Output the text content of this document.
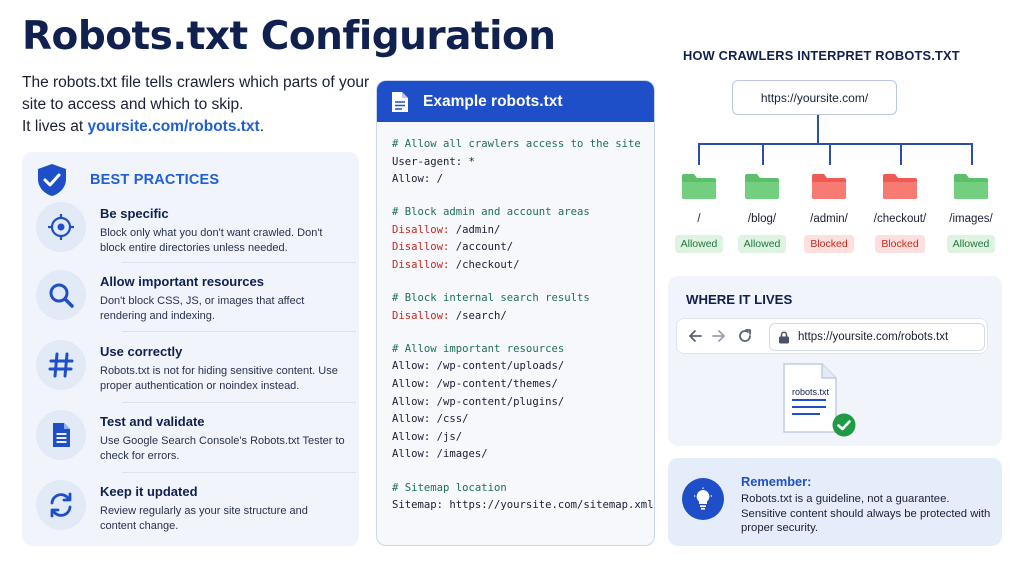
Robots.txt Configuration
The robots.txt file tells crawlers which parts of your site to access and which to skip.
It lives at yoursite.com/robots.txt.
BEST PRACTICES
Be specific
Block only what you don't want crawled. Don't block entire directories unless needed.
Allow important resources
Don't block CSS, JS, or images that affect rendering and indexing.
Use correctly
Robots.txt is not for hiding sensitive content. Use proper authentication or noindex instead.
Test and validate
Use Google Search Console's Robots.txt Tester to check for errors.
Keep it updated
Review regularly as your site structure and content change.
Example robots.txt
# Allow all crawlers access to the site
User-agent: *
Allow: /
# Block admin and account areas
Disallow: /admin/
Disallow: /account/
Disallow: /checkout/
# Block internal search results
Disallow: /search/
# Allow important resources
Allow: /wp-content/uploads/
Allow: /wp-content/themes/
Allow: /wp-content/plugins/
Allow: /css/
Allow: /js/
Allow: /images/
# Sitemap location
Sitemap: https://yoursite.com/sitemap.xml
HOW CRAWLERS INTERPRET ROBOTS.TXT
https://yoursite.com/
/
Allowed
/blog/
Allowed
/admin/
Blocked
/checkout/
Blocked
/images/
Allowed
WHERE IT LIVES
https://yoursite.com/robots.txt
robots.txt
Remember:
Robots.txt is a guideline, not a guarantee. Sensitive content should always be protected with proper security.
